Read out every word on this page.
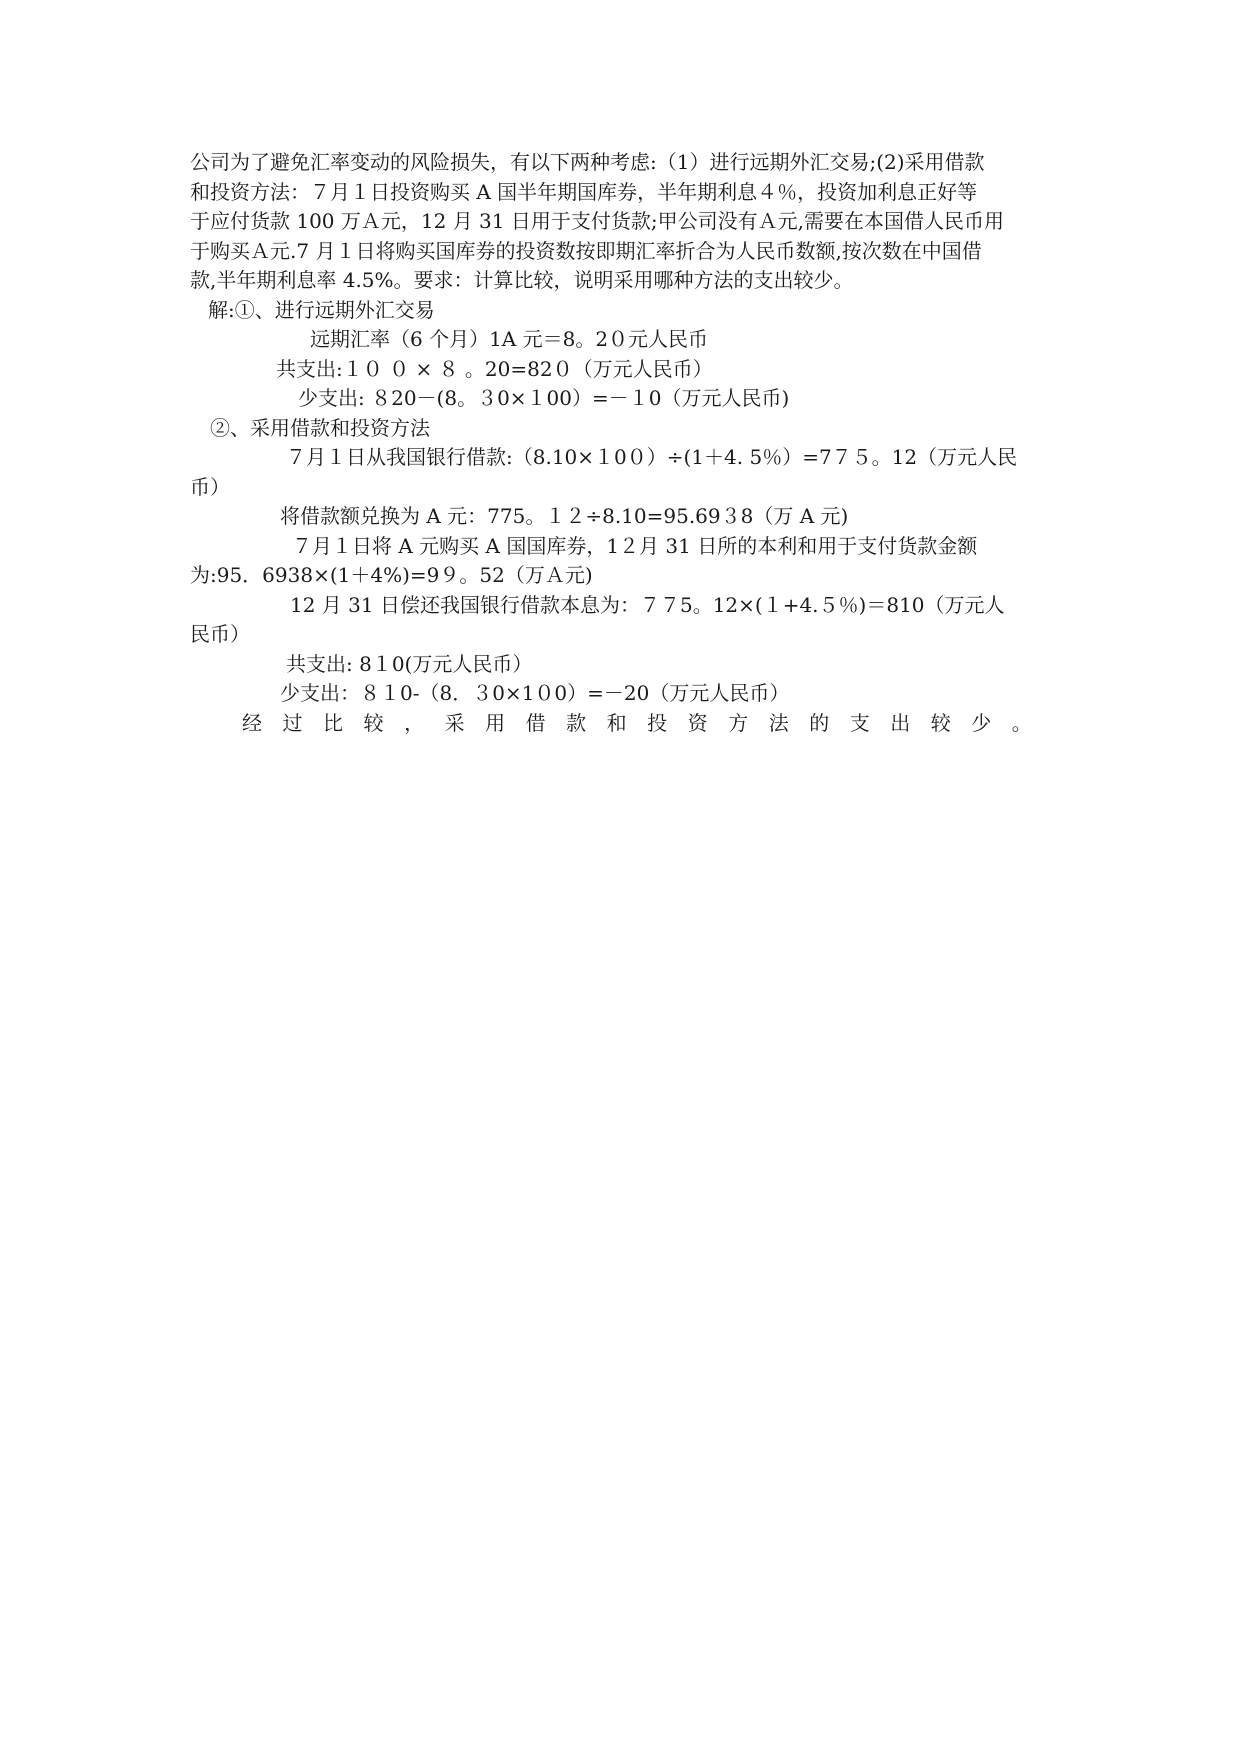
公司为了避免汇率变动的风险损失，有以下两种考虑:（1）进行远期外汇交易;(2)采用借款
和投资方法：７月１日投资购买 A 国半年期国库券，半年期利息４％，投资加利息正好等
于应付货款 100 万Ａ元，12 月 31 日用于支付货款;甲公司没有Ａ元,需要在本国借人民币用
于购买Ａ元.7 月１日将购买国库券的投资数按即期汇率折合为人民币数额,按次数在中国借
款,半年期利息率 4.5%。要求：计算比较，说明采用哪种方法的支出较少。
解:①、进行远期外汇交易
远期汇率（6 个月）1A 元＝8。2０元人民币
共支出:１０ ０ × ８ 。20=82０（万元人民币）
少支出: ８20－(8。３0×１00）=－１0（万元人民币)
②、采用借款和投资方法
７月１日从我国银行借款:（8.10×１0０）÷(1＋4. 5％）=7７５。12（万元人民
币）
将借款额兑换为 A 元：775。１２÷8.10=95.69３8（万 A 元)
７月１日将 A 元购买 A 国国库券，1２月 31 日所的本利和用于支付货款金额
为:95．6938×(1＋4%)=9９。52（万Ａ元)
12 月 31 日偿还我国银行借款本息为：７７5。12×(１+4.５％)＝810（万元人
民币）
共支出: 8１0(万元人民币）
少支出：８１0-（8．３0×1０0）=－20（万元人民币）
经 过 比 较 ， 采 用 借 款 和 投 资 方 法 的 支 出 较 少 。
